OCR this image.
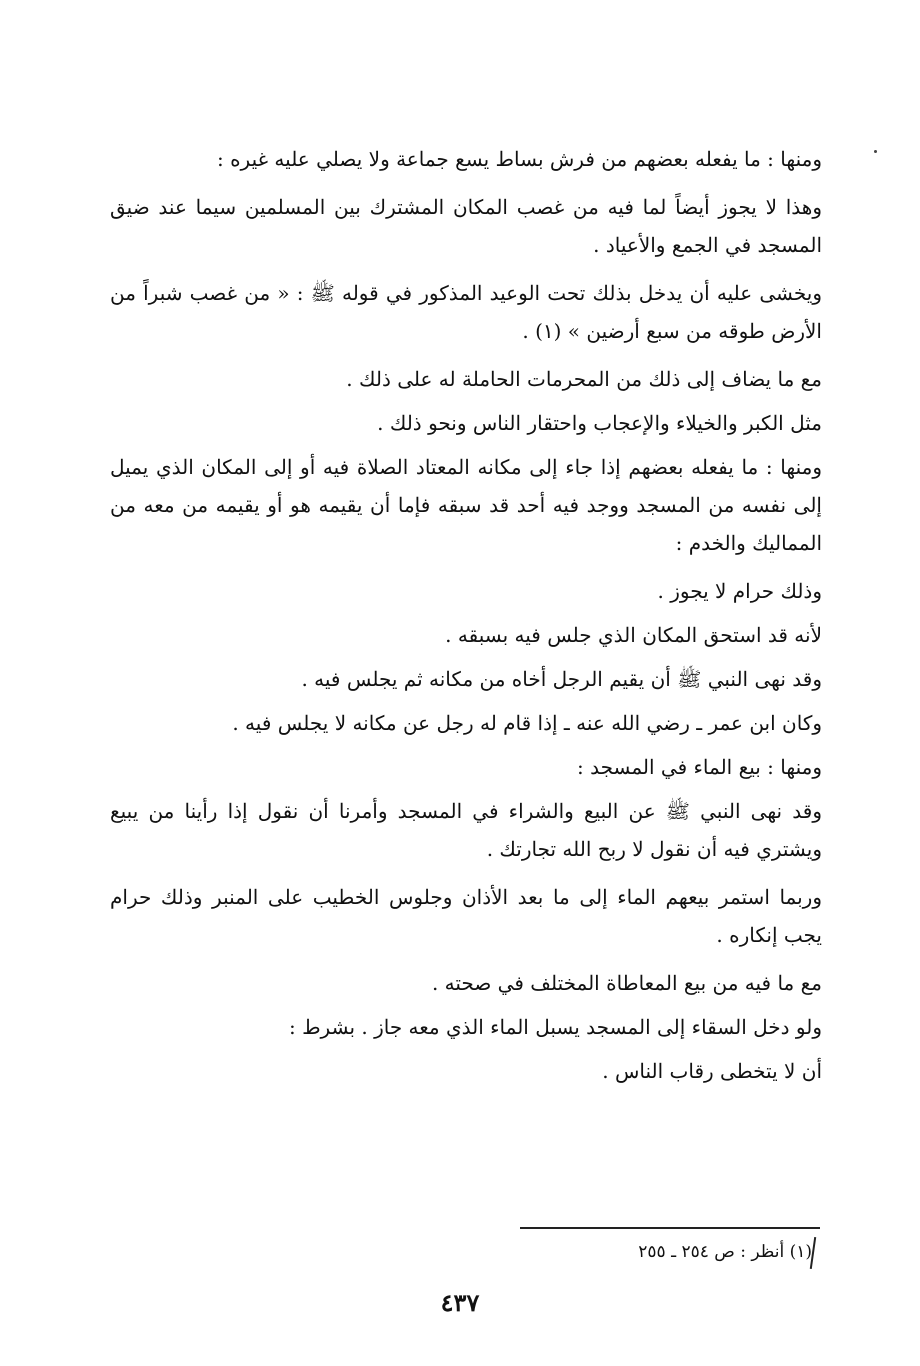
ومنها : ما يفعله بعضهم من فرش بساط يسع جماعة ولا يصلي عليه غيره :

وهذا لا يجوز أيضاً لما فيه من غصب المكان المشترك بين المسلمين سيما عند ضيق المسجد في الجمع والأعياد .

ويخشى عليه أن يدخل بذلك تحت الوعيد المذكور في قوله ﷺ : « من غصب شبراً من الأرض طوقه من سبع أرضين » (١) .

مع ما يضاف إلى ذلك من المحرمات الحاملة له على ذلك .

مثل الكبر والخيلاء والإعجاب واحتقار الناس ونحو ذلك .

ومنها : ما يفعله بعضهم إذا جاء إلى مكانه المعتاد الصلاة فيه أو إلى المكان الذي يميل إلى نفسه من المسجد ووجد فيه أحد قد سبقه فإما أن يقيمه هو أو يقيمه من معه من المماليك والخدم :

وذلك حرام لا يجوز .

لأنه قد استحق المكان الذي جلس فيه بسبقه .

وقد نهى النبي ﷺ أن يقيم الرجل أخاه من مكانه ثم يجلس فيه .

وكان ابن عمر ـ رضي الله عنه ـ إذا قام له رجل عن مكانه لا يجلس فيه .

ومنها : بيع الماء في المسجد :

وقد نهى النبي ﷺ عن البيع والشراء في المسجد وأمرنا أن نقول إذا رأينا من يبيع ويشتري فيه أن نقول لا ربح الله تجارتك .

وربما استمر بيعهم الماء إلى ما بعد الأذان وجلوس الخطيب على المنبر وذلك حرام يجب إنكاره .

مع ما فيه من بيع المعاطاة المختلف في صحته .

ولو دخل السقاء إلى المسجد يسبل الماء الذي معه جاز . بشرط :

أن لا يتخطى رقاب الناس .

(١) أنظر : ص ٢٥٤ ـ ٢٥٥
٤٣٧
